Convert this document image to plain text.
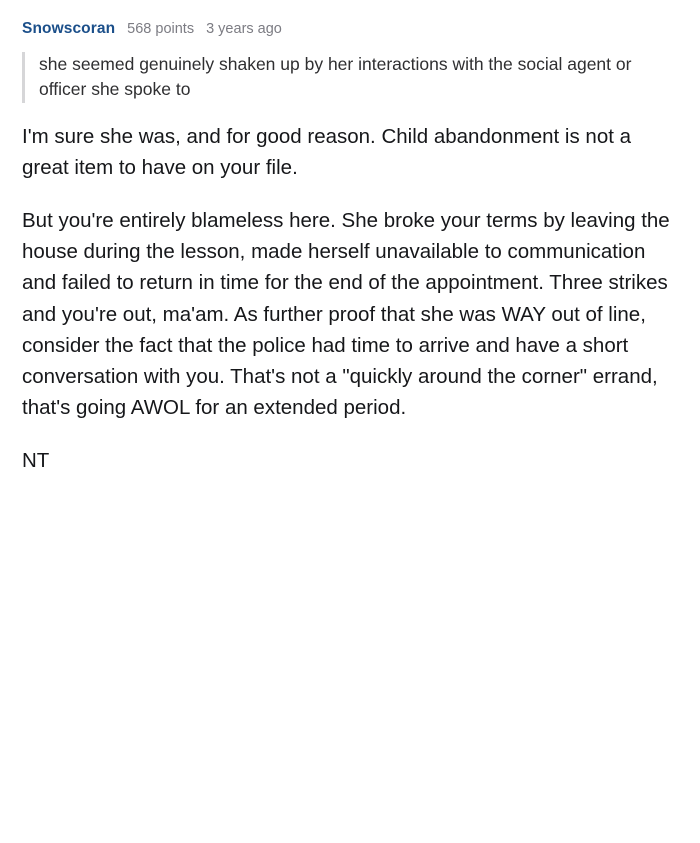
Snowscoran 568 points 3 years ago

she seemed genuinely shaken up by her interactions with the social agent or officer she spoke to

I'm sure she was, and for good reason. Child abandonment is not a great item to have on your file.

But you're entirely blameless here. She broke your terms by leaving the house during the lesson, made herself unavailable to communication and failed to return in time for the end of the appointment. Three strikes and you're out, ma'am. As further proof that she was WAY out of line, consider the fact that the police had time to arrive and have a short conversation with you. That's not a "quickly around the corner" errand, that's going AWOL for an extended period.

NT
